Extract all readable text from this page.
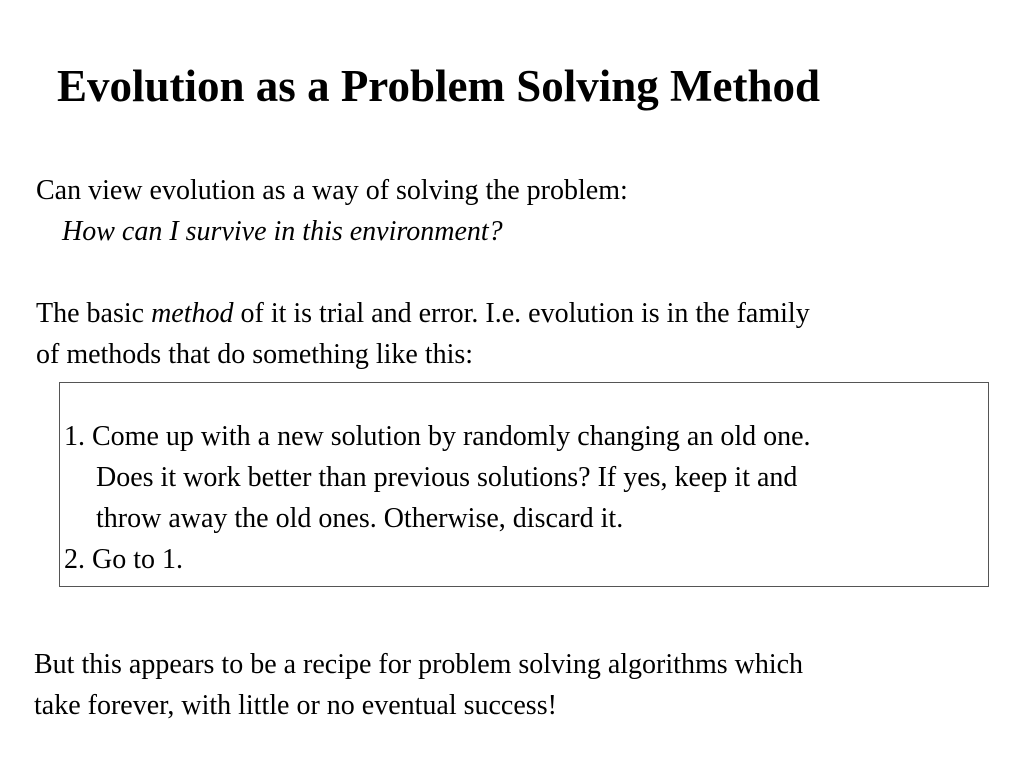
Evolution as a Problem Solving Method
Can view evolution as a way of solving the problem:
How can I survive in this environment?
The basic method of it is trial and error. I.e. evolution is in the family
of methods that do something like this:
1. Come up with a new solution by randomly changing an old one.
Does it work better than previous solutions? If yes, keep it and
throw away the old ones. Otherwise, discard it.
2. Go to 1.
But this appears to be a recipe for problem solving algorithms which
take forever, with little or no eventual success!
